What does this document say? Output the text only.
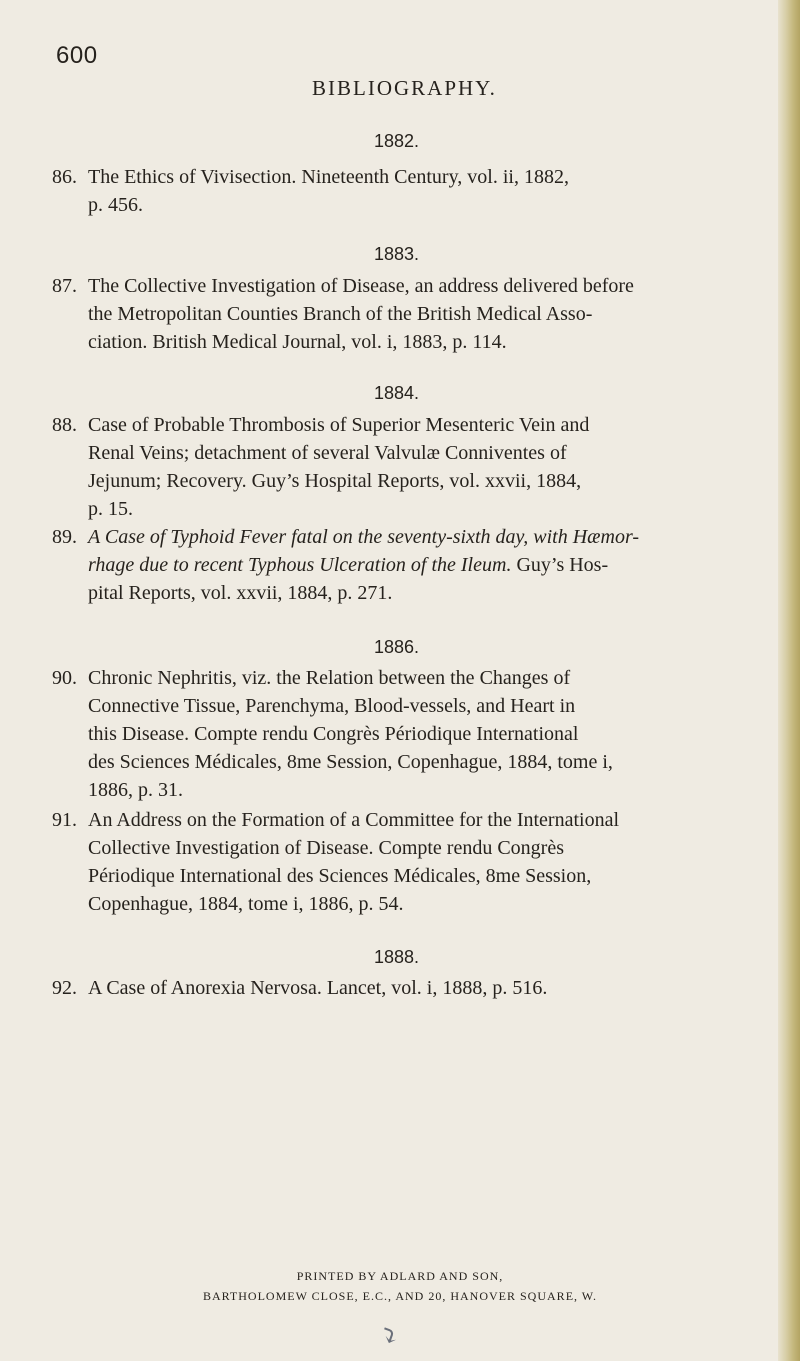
600
BIBLIOGRAPHY.
1882.
86. The Ethics of Vivisection. Nineteenth Century, vol. ii, 1882,
p. 456.
1883.
87. The Collective Investigation of Disease, an address delivered before
the Metropolitan Counties Branch of the British Medical Asso-
ciation. British Medical Journal, vol. i, 1883, p. 114.
1884.
88. Case of Probable Thrombosis of Superior Mesenteric Vein and
Renal Veins; detachment of several Valvulæ Conniventes of
Jejunum; Recovery. Guy’s Hospital Reports, vol. xxvii, 1884,
p. 15.
89. A Case of Typhoid Fever fatal on the seventy-sixth day, with Hæmor-
rhage due to recent Typhous Ulceration of the Ileum. Guy’s Hos-
pital Reports, vol. xxvii, 1884, p. 271.
1886.
90. Chronic Nephritis, viz. the Relation between the Changes of
Connective Tissue, Parenchyma, Blood-vessels, and Heart in
this Disease. Compte rendu Congrès Périodique International
des Sciences Médicales, 8me Session, Copenhague, 1884, tome i,
1886, p. 31.
91. An Address on the Formation of a Committee for the International
Collective Investigation of Disease. Compte rendu Congrès
Périodique International des Sciences Médicales, 8me Session,
Copenhague, 1884, tome i, 1886, p. 54.
1888.
92. A Case of Anorexia Nervosa. Lancet, vol. i, 1888, p. 516.
PRINTED BY ADLARD AND SON,
BARTHOLOMEW CLOSE, E.C., AND 20, HANOVER SQUARE, W.
⤵
